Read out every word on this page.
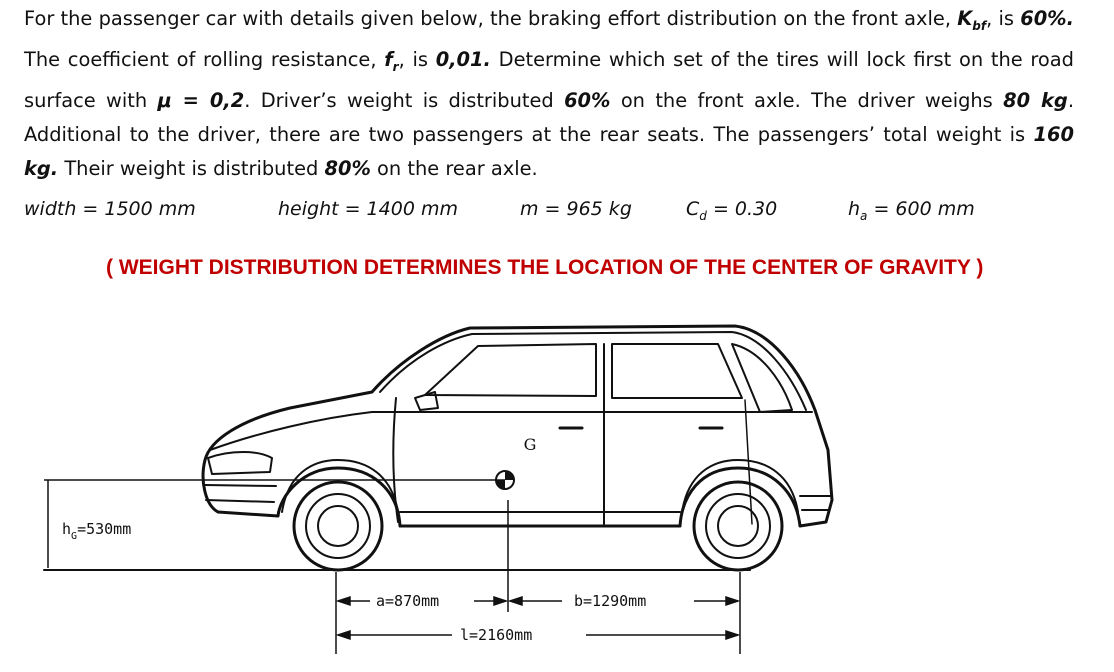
For the passenger car with details given below, the braking effort distribution on the front axle, $K_{bf}$, is 60%. The coefficient of rolling resistance, $f_r$, is 0,01. Determine which set of the tires will lock first on the road surface with μ = 0,2. Driver’s weight is distributed 60% on the front axle. The driver weighs 80 kg. Additional to the driver, there are two passengers at the rear seats. The passengers’ total weight is 160 kg. Their weight is distributed 80% on the rear axle.
width = 1500 mm	height = 1400 mm	m = 965 kg	$C_d = 0.30$	$h_a = 600$ mm
( WEIGHT DISTRIBUTION DETERMINES THE LOCATION OF THE CENTER OF GRAVITY )
G
$h_G=530mm$
a=870mm	b=1290mm
l=2160mm
